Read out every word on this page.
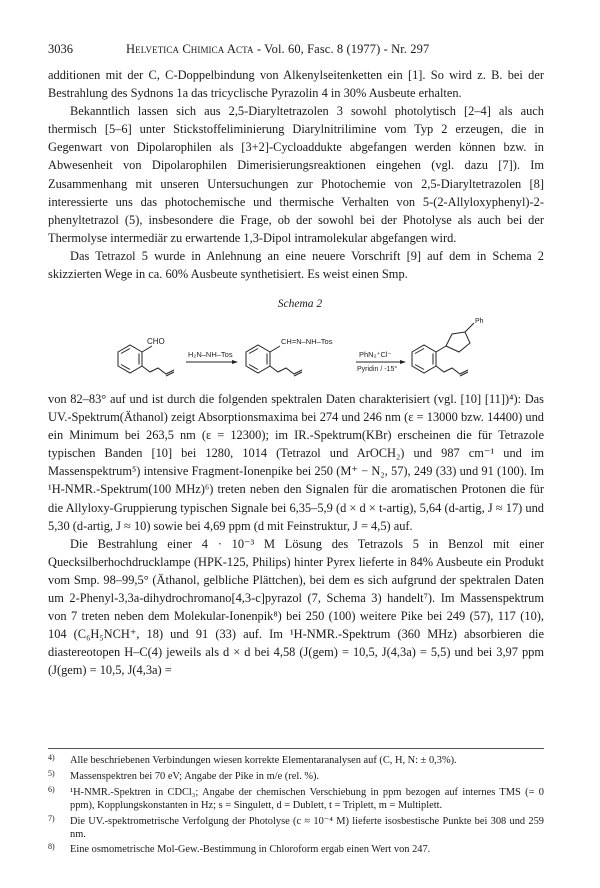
3036	Helvetica Chimica Acta - Vol. 60, Fasc. 8 (1977) - Nr. 297

additionen mit der C, C-Doppelbindung von Alkenylseitenketten ein [1]. So wird z. B. bei der Bestrahlung des Sydnons 1a das tricyclische Pyrazolin 4 in 30% Ausbeute erhalten.

Bekanntlich lassen sich aus 2,5-Diaryltetrazolen 3 sowohl photolytisch [2–4] als auch thermisch [5–6] unter Stickstoffeliminierung Diarylnitrilimine vom Typ 2 erzeugen, die in Gegenwart von Dipolarophilen als [3+2]-Cycloaddukte abgefangen werden können bzw. in Abwesenheit von Dipolarophilen Dimerisierungsreaktionen eingehen (vgl. dazu [7]). Im Zusammenhang mit unseren Untersuchungen zur Photochemie von 2,5-Diaryltetrazolen [8] interessierte uns das photochemische und thermische Verhalten von 5-(2-Allyloxyphenyl)-2-phenyltetrazol (5), insbesondere die Frage, ob der sowohl bei der Photolyse als auch bei der Thermolyse intermediär zu erwartende 1,3-Dipol intramolekular abgefangen wird.

Das Tetrazol 5 wurde in Anlehnung an eine neuere Vorschrift [9] auf dem in Schema 2 skizzierten Wege in ca. 60% Ausbeute synthetisiert. Es weist einen Smp.

Schema 2
CHO
H₂N–NH–Tos
CH=N–NH–Tos
PhN₂⁺Cl⁻
Pyridin / -15°
Ph

von 82–83° auf und ist durch die folgenden spektralen Daten charakterisiert (vgl. [10] [11])⁴): Das UV.-Spektrum(Äthanol) zeigt Absorptionsmaxima bei 274 und 246 nm (ε = 13000 bzw. 14400) und ein Minimum bei 263,5 nm (ε = 12300); im IR.-Spektrum(KBr) erscheinen die für Tetrazole typischen Banden [10] bei 1280, 1014 (Tetrazol und ArOCH₂) und 987 cm⁻¹ und im Massenspektrum⁵) intensive Fragment-Ionenpike bei 250 (M⁺ − N₂, 57), 249 (33) und 91 (100). Im ¹H-NMR.-Spektrum(100 MHz)⁶) treten neben den Signalen für die aromatischen Protonen die für die Allyloxy-Gruppierung typischen Signale bei 6,35–5,9 (d × d × t-artig), 5,64 (d-artig, J ≈ 17) und 5,30 (d-artig, J ≈ 10) sowie bei 4,69 ppm (d mit Feinstruktur, J = 4,5) auf.

Die Bestrahlung einer 4 · 10⁻³ M Lösung des Tetrazols 5 in Benzol mit einer Quecksilberhochdrucklampe (HPK-125, Philips) hinter Pyrex lieferte in 84% Ausbeute ein Produkt vom Smp. 98–99,5° (Äthanol, gelbliche Plättchen), bei dem es sich aufgrund der spektralen Daten um 2-Phenyl-3,3a-dihydrochromano[4,3-c]pyrazol (7, Schema 3) handelt⁷). Im Massenspektrum von 7 treten neben dem Molekular-Ionenpik⁸) bei 250 (100) weitere Pike bei 249 (57), 117 (10), 104 (C₆H₅NCH⁺, 18) und 91 (33) auf. Im ¹H-NMR.-Spektrum (360 MHz) absorbieren die diastereotopen H–C(4) jeweils als d × d bei 4,58 (J(gem) = 10,5, J(4,3a) = 5,5) und bei 3,97 ppm (J(gem) = 10,5, J(4,3a) =

4) Alle beschriebenen Verbindungen wiesen korrekte Elementaranalysen auf (C, H, N: ± 0,3%).
5) Massenspektren bei 70 eV; Angabe der Pike in m/e (rel. %).
6) ¹H-NMR.-Spektren in CDCl₃; Angabe der chemischen Verschiebung in ppm bezogen auf internes TMS (= 0 ppm), Kopplungskonstanten in Hz; s = Singulett, d = Dublett, t = Triplett, m = Multiplett.
7) Die UV.-spektrometrische Verfolgung der Photolyse (c ≈ 10⁻⁴ M) lieferte isosbestische Punkte bei 308 und 259 nm.
8) Eine osmometrische Mol-Gew.-Bestimmung in Chloroform ergab einen Wert von 247.
